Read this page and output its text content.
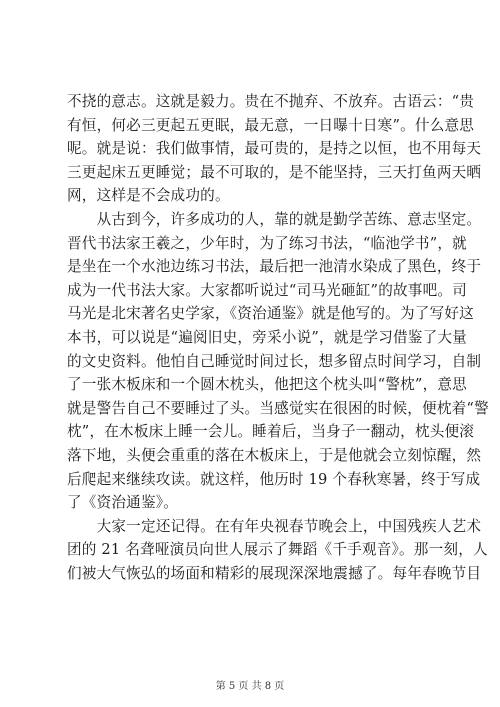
不挠的意志。这就是毅力。贵在不抛弃、不放弃。古语云：“贵
有恒，何必三更起五更眠，最无意，一日曝十日寒”。什么意思
呢。就是说：我们做事情，最可贵的，是持之以恒，也不用每天
三更起床五更睡觉；最不可取的，是不能坚持，三天打鱼两天晒
网，这样是不会成功的。

　　从古到今，许多成功的人，靠的就是勤学苦练、意志坚定。
晋代书法家王羲之，少年时，为了练习书法，“临池学书”，就
是坐在一个水池边练习书法，最后把一池清水染成了黑色，终于
成为一代书法大家。大家都听说过“司马光砸缸”的故事吧。司
马光是北宋著名史学家，《资治通鉴》就是他写的。为了写好这
本书，可以说是“遍阅旧史，旁采小说”，就是学习借鉴了大量
的文史资料。他怕自己睡觉时间过长，想多留点时间学习，自制
了一张木板床和一个圆木枕头，他把这个枕头叫“警枕”，意思
就是警告自己不要睡过了头。当感觉实在很困的时候，便枕着“警
枕”，在木板床上睡一会儿。睡着后，当身子一翻动，枕头便滚
落下地，头便会重重的落在木板床上，于是他就会立刻惊醒，然
后爬起来继续攻读。就这样，他历时 19 个春秋寒暑，终于写成
了《资治通鉴》。

　　大家一定还记得。在有年央视春节晚会上，中国残疾人艺术
团的 21 名聋哑演员向世人展示了舞蹈《千手观音》。那一刻，人
们被大气恢弘的场面和精彩的展现深深地震撼了。每年春晚节目

第 5 页 共 8 页
